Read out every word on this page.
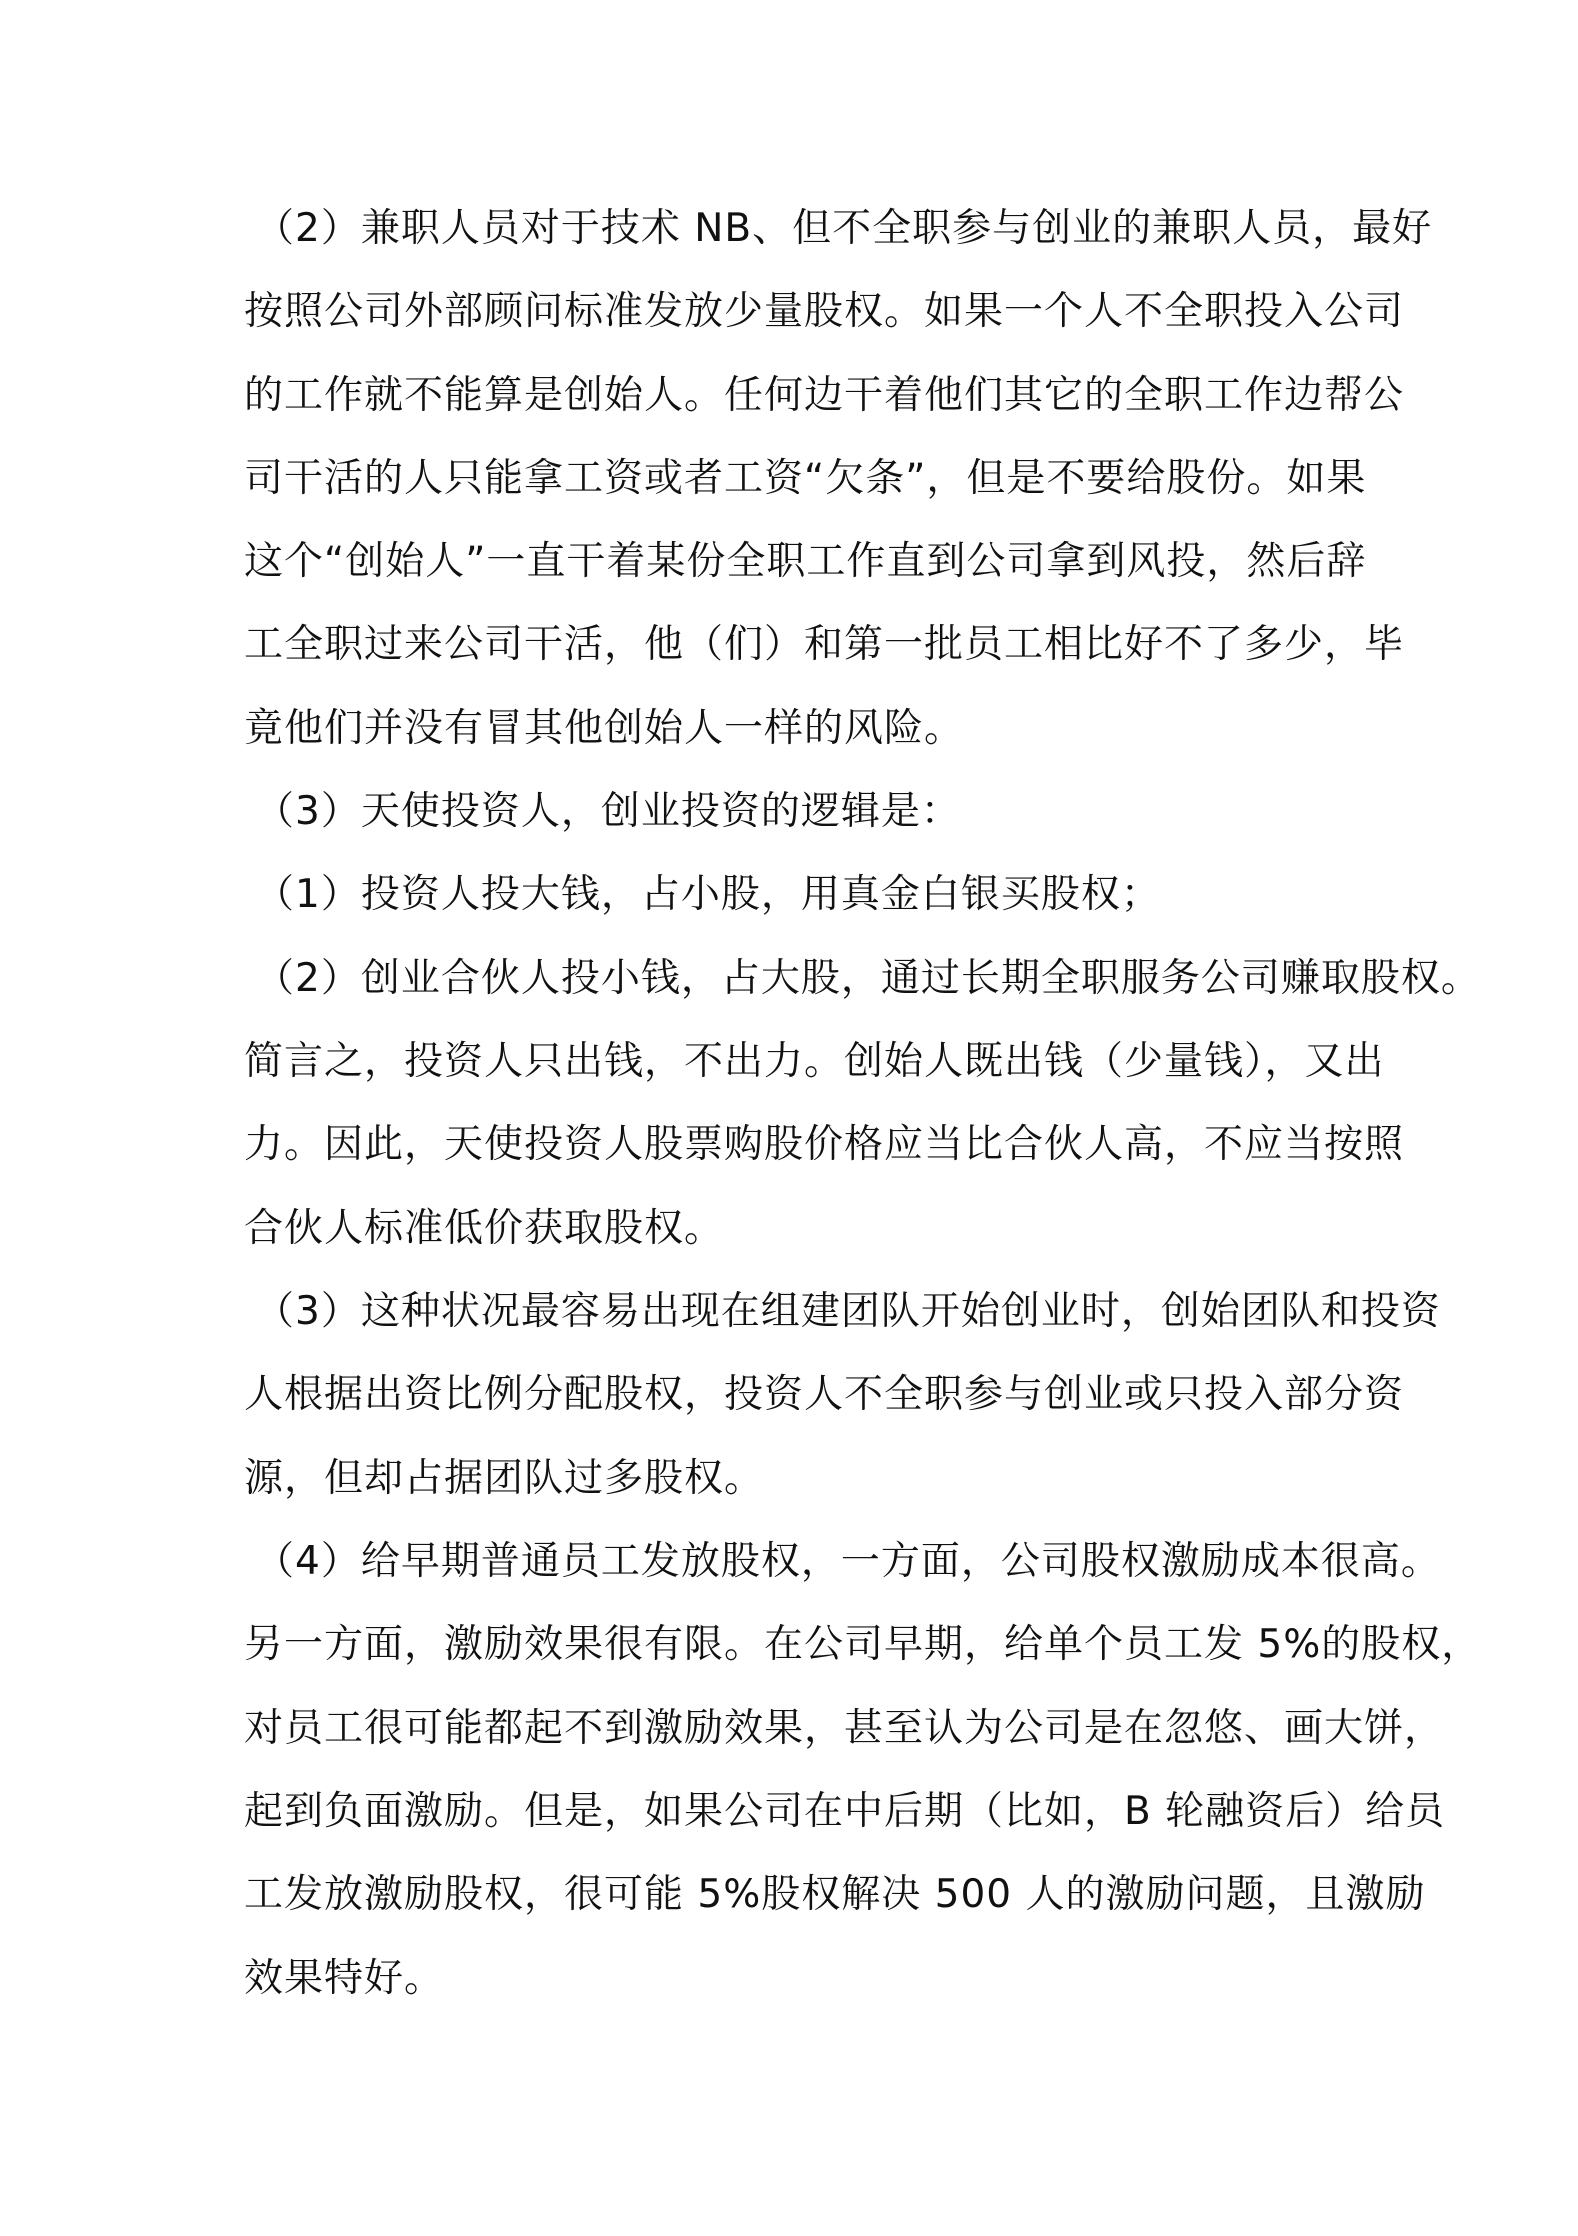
（2）兼职人员对于技术 NB、但不全职参与创业的兼职人员，最好
按照公司外部顾问标准发放少量股权。如果一个人不全职投入公司
的工作就不能算是创始人。任何边干着他们其它的全职工作边帮公
司干活的人只能拿工资或者工资“欠条”，但是不要给股份。如果
这个“创始人”一直干着某份全职工作直到公司拿到风投，然后辞
工全职过来公司干活，他（们）和第一批员工相比好不了多少，毕
竟他们并没有冒其他创始人一样的风险。
（3）天使投资人，创业投资的逻辑是：
（1）投资人投大钱，占小股，用真金白银买股权；
（2）创业合伙人投小钱，占大股，通过长期全职服务公司赚取股权。
简言之，投资人只出钱，不出力。创始人既出钱（少量钱），又出
力。因此，天使投资人股票购股价格应当比合伙人高，不应当按照
合伙人标准低价获取股权。
（3）这种状况最容易出现在组建团队开始创业时，创始团队和投资
人根据出资比例分配股权，投资人不全职参与创业或只投入部分资
源，但却占据团队过多股权。
（4）给早期普通员工发放股权，一方面，公司股权激励成本很高。
另一方面，激励效果很有限。在公司早期，给单个员工发 5%的股权，
对员工很可能都起不到激励效果，甚至认为公司是在忽悠、画大饼，
起到负面激励。但是，如果公司在中后期（比如，B 轮融资后）给员
工发放激励股权，很可能 5%股权解决 500 人的激励问题，且激励
效果特好。
